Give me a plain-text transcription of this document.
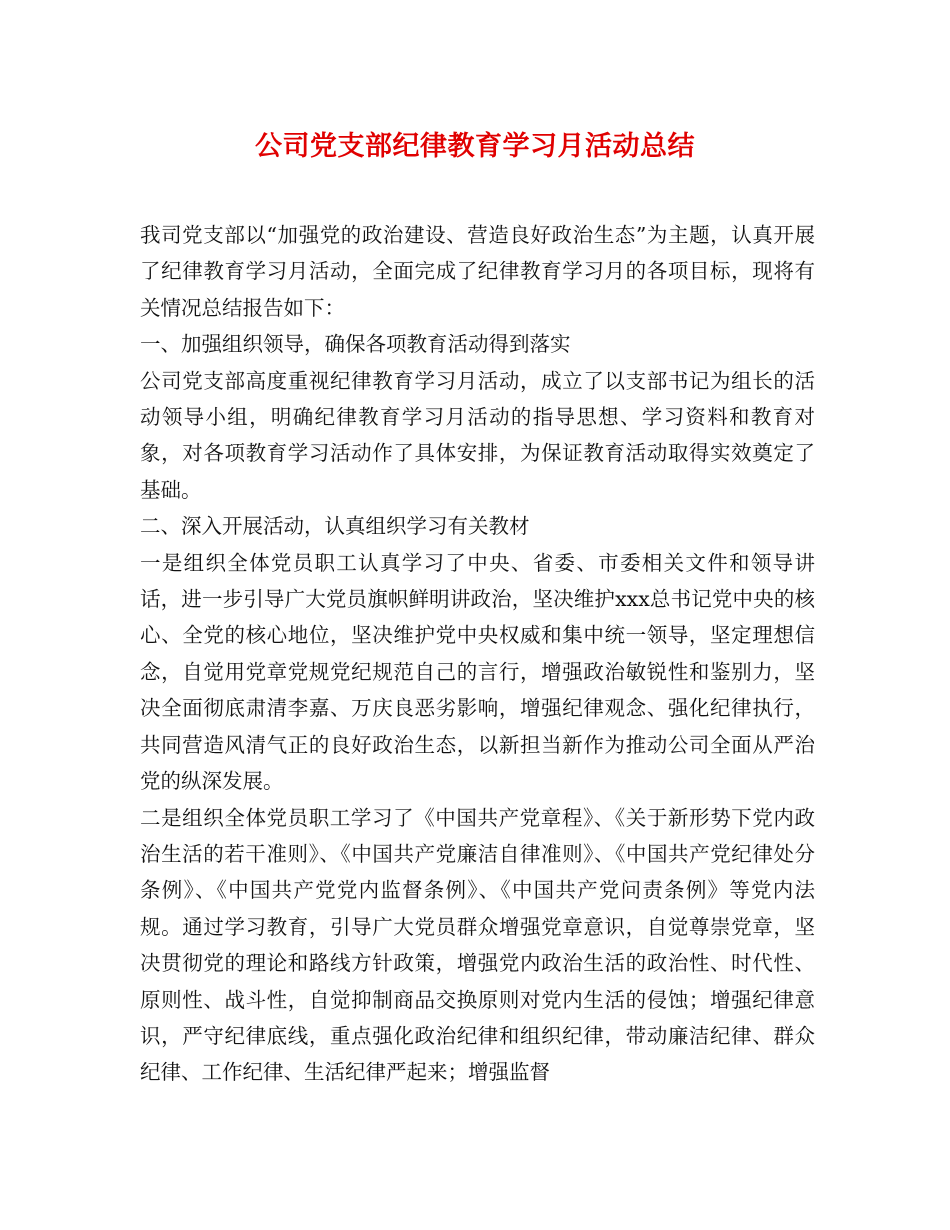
公司党支部纪律教育学习月活动总结

我司党支部以“加强党的政治建设、营造良好政治生态”为主题，认真开展了纪律教育学习月活动，全面完成了纪律教育学习月的各项目标，现将有关情况总结报告如下：

一、加强组织领导，确保各项教育活动得到落实

公司党支部高度重视纪律教育学习月活动，成立了以支部书记为组长的活动领导小组，明确纪律教育学习月活动的指导思想、学习资料和教育对象，对各项教育学习活动作了具体安排，为保证教育活动取得实效奠定了基础。

二、深入开展活动，认真组织学习有关教材

一是组织全体党员职工认真学习了中央、省委、市委相关文件和领导讲话，进一步引导广大党员旗帜鲜明讲政治，坚决维护xxx总书记党中央的核心、全党的核心地位，坚决维护党中央权威和集中统一领导，坚定理想信念，自觉用党章党规党纪规范自己的言行，增强政治敏锐性和鉴别力，坚决全面彻底肃清李嘉、万庆良恶劣影响，增强纪律观念、强化纪律执行，共同营造风清气正的良好政治生态，以新担当新作为推动公司全面从严治党的纵深发展。

二是组织全体党员职工学习了《中国共产党章程》、《关于新形势下党内政治生活的若干准则》、《中国共产党廉洁自律准则》、《中国共产党纪律处分条例》、《中国共产党党内监督条例》、《中国共产党问责条例》等党内法规。通过学习教育，引导广大党员群众增强党章意识，自觉尊崇党章，坚决贯彻党的理论和路线方针政策，增强党内政治生活的政治性、时代性、原则性、战斗性，自觉抑制商品交换原则对党内生活的侵蚀；增强纪律意识，严守纪律底线，重点强化政治纪律和组织纪律，带动廉洁纪律、群众纪律、工作纪律、生活纪律严起来；增强监督
